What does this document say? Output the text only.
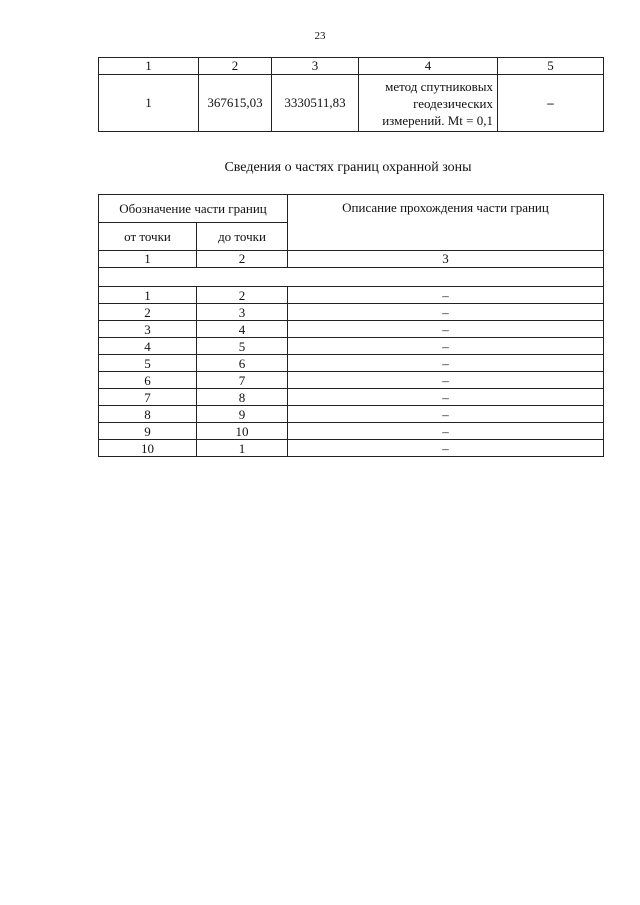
23
1	2	3	4	5
1	367615,03	3330511,83	метод спутниковых
геодезических
измерений. Mt = 0,1	–
Сведения о частях границ охранной зоны
Обозначение части границ		Описание прохождения части границ
от точки	до точки	
1	2	3

1	2	–
2	3	–
3	4	–
4	5	–
5	6	–
6	7	–
7	8	–
8	9	–
9	10	–
10	1	–
